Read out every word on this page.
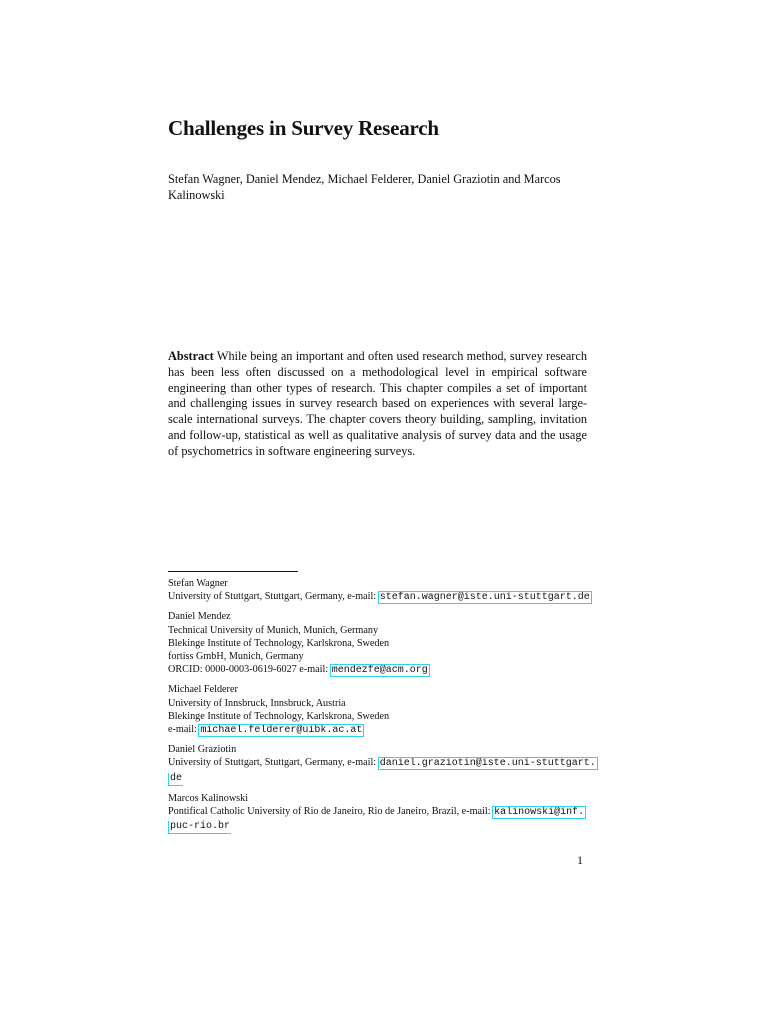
Challenges in Survey Research
Stefan Wagner, Daniel Mendez, Michael Felderer, Daniel Graziotin and Marcos
Kalinowski
Abstract While being an important and often used research method, survey research has been less often discussed on a methodological level in empirical software engineering than other types of research. This chapter compiles a set of important and challenging issues in survey research based on experiences with several large-scale international surveys. The chapter covers theory building, sampling, invitation and follow-up, statistical as well as qualitative analysis of survey data and the usage of psychometrics in software engineering surveys.
Stefan Wagner
University of Stuttgart, Stuttgart, Germany, e-mail: stefan.wagner@iste.uni-stuttgart.de
Daniel Mendez
Technical University of Munich, Munich, Germany
Blekinge Institute of Technology, Karlskrona, Sweden
fortiss GmbH, Munich, Germany
ORCID: 0000-0003-0619-6027 e-mail: mendezfe@acm.org
Michael Felderer
University of Innsbruck, Innsbruck, Austria
Blekinge Institute of Technology, Karlskrona, Sweden
e-mail: michael.felderer@uibk.ac.at
Daniel Graziotin
University of Stuttgart, Stuttgart, Germany, e-mail: daniel.graziotin@iste.uni-stuttgart.
de
Marcos Kalinowski
Pontifical Catholic University of Rio de Janeiro, Rio de Janeiro, Brazil, e-mail: kalinowski@inf.
puc-rio.br
1
